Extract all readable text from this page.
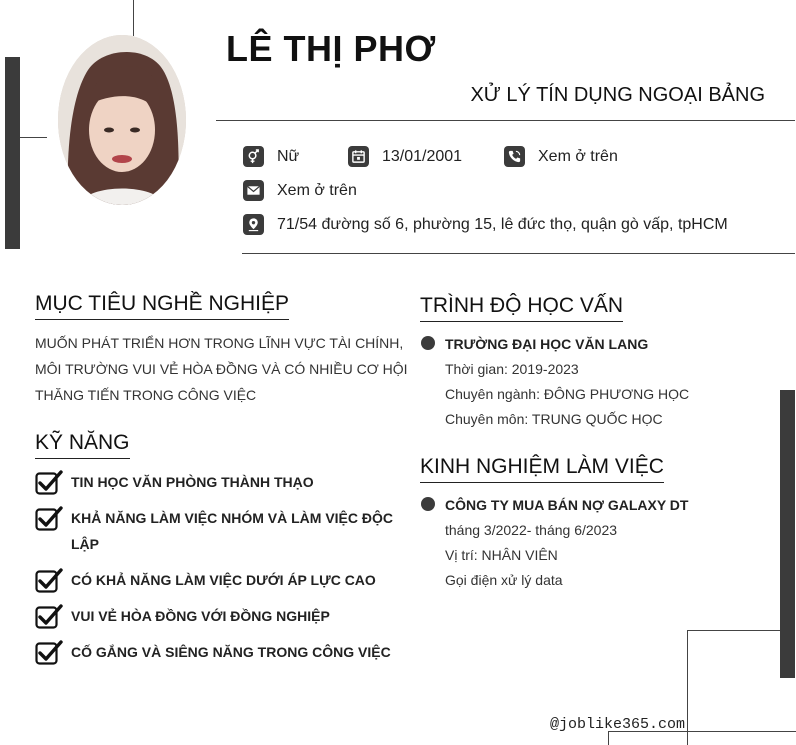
LÊ THỊ PHƠ
XỬ LÝ TÍN DỤNG NGOẠI BẢNG
Nữ	13/01/2001	Xem ở trên
Xem ở trên
71/54 đường số 6, phường 15, lê đức thọ, quận gò vấp, tpHCM
MỤC TIÊU NGHỀ NGHIỆP
MUỐN PHÁT TRIỂN HƠN TRONG LĨNH VỰC TÀI CHÍNH,
MÔI TRƯỜNG VUI VẺ HÒA ĐỒNG VÀ CÓ NHIỀU CƠ HỘI
THĂNG TIẾN TRONG CÔNG VIỆC
KỸ NĂNG
TIN HỌC VĂN PHÒNG THÀNH THẠO
KHẢ NĂNG LÀM VIỆC NHÓM VÀ LÀM VIỆC ĐỘC
LẬP
CÓ KHẢ NĂNG LÀM VIỆC DƯỚI ÁP LỰC CAO
VUI VẺ HÒA ĐỒNG VỚI ĐỒNG NGHIỆP
CỐ GẮNG VÀ SIÊNG NĂNG TRONG CÔNG VIỆC
TRÌNH ĐỘ HỌC VẤN
TRƯỜNG ĐẠI HỌC VĂN LANG
Thời gian: 2019-2023
Chuyên ngành: ĐÔNG PHƯƠNG HỌC
Chuyên môn: TRUNG QUỐC HỌC
KINH NGHIỆM LÀM VIỆC
CÔNG TY MUA BÁN NỢ GALAXY DT
tháng 3/2022- tháng 6/2023
Vị trí: NHÂN VIÊN
Gọi điện xử lý data
@joblike365.com
